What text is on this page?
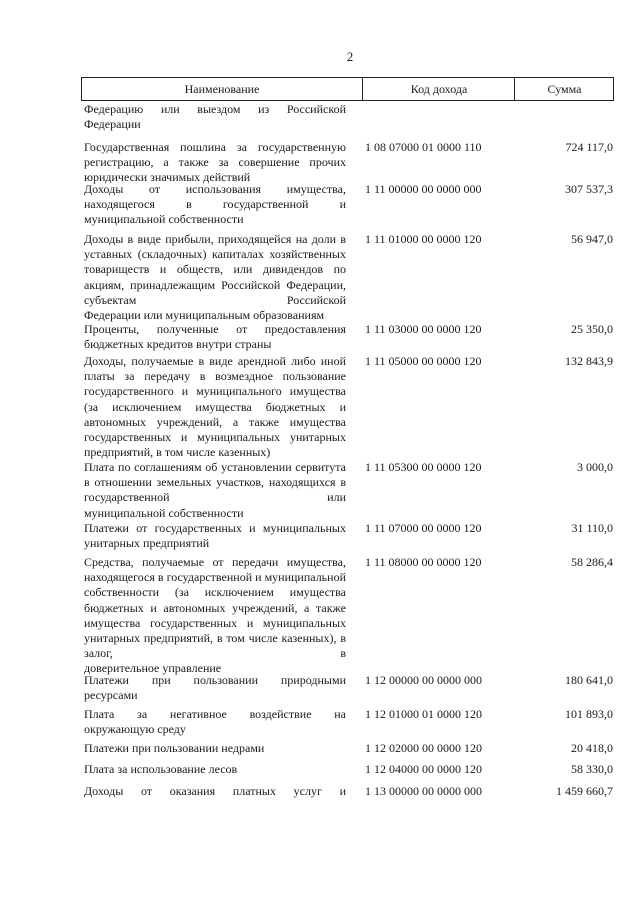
2
Наименование	Код дохода	Сумма
Федерацию или выездом из Российской
Федерации
Государственная пошлина за государственную регистрацию, а также за совершение прочих
юридически значимых действий
1 08 07000 01 0000 110	724 117,0
Доходы от использования имущества, находящегося в государственной и
муниципальной собственности
1 11 00000 00 0000 000	307 537,3
Доходы в виде прибыли, приходящейся на доли в уставных (складочных) капиталах хозяйственных товариществ и обществ, или дивидендов по акциям, принадлежащим Российской Федерации, субъектам Российской
Федерации или муниципальным образованиям
1 11 01000 00 0000 120	56 947,0
Проценты, полученные от предоставления
бюджетных кредитов внутри страны
1 11 03000 00 0000 120	25 350,0
Доходы, получаемые в виде арендной либо иной платы за передачу в возмездное пользование государственного и муниципального имущества (за исключением имущества бюджетных и автономных учреждений, а также имущества государственных и муниципальных унитарных
предприятий, в том числе казенных)
1 11 05000 00 0000 120	132 843,9
Плата по соглашениям об установлении сервитута в отношении земельных участков, находящихся в государственной или
муниципальной собственности
1 11 05300 00 0000 120	3 000,0
Платежи от государственных и муниципальных
унитарных предприятий
1 11 07000 00 0000 120	31 110,0
Средства, получаемые от передачи имущества, находящегося в государственной и муниципальной собственности (за исключением имущества бюджетных и автономных учреждений, а также имущества государственных и муниципальных унитарных предприятий, в том числе казенных), в залог, в
доверительное управление
1 11 08000 00 0000 120	58 286,4
Платежи при пользовании природными
ресурсами
1 12 00000 00 0000 000	180 641,0
Плата за негативное воздействие на
окружающую среду
1 12 01000 01 0000 120	101 893,0
Платежи при пользовании недрами	1 12 02000 00 0000 120	20 418,0
Плата за использование лесов	1 12 04000 00 0000 120	58 330,0
Доходы от оказания платных услуг и 1 13 00000 00 0000 000	1 459 660,7
